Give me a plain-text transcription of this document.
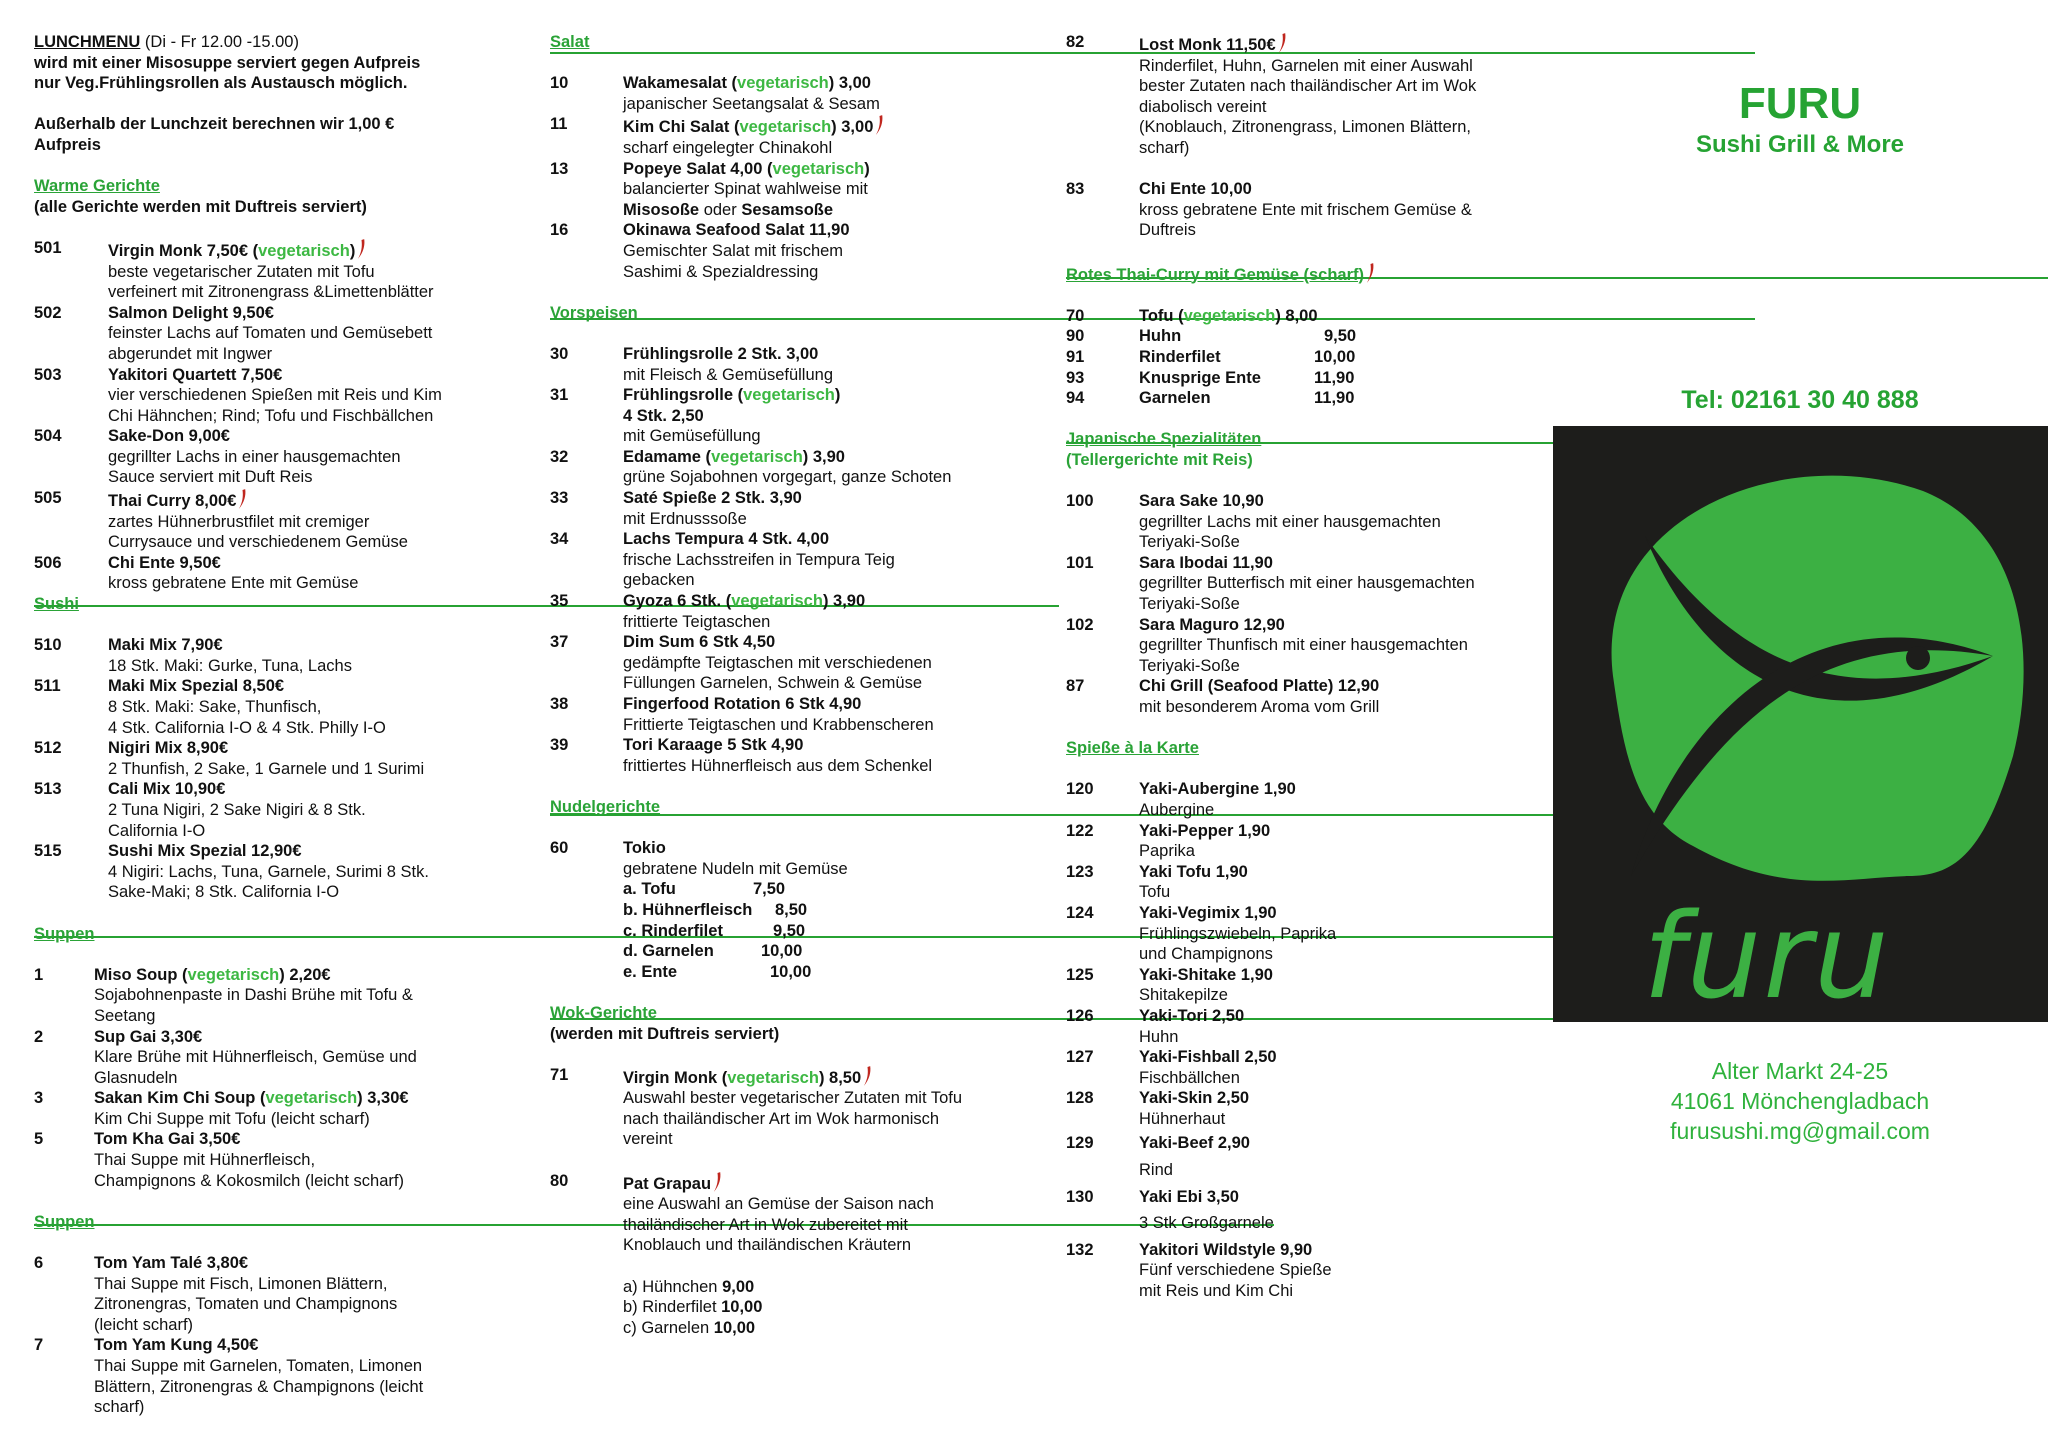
LUNCHMENU (Di - Fr 12.00 -15.00)
wird mit einer Misosuppe serviert gegen Aufpreis
nur Veg.Frühlingsrollen als Austausch möglich.
Außerhalb der Lunchzeit berechnen wir 1,00 €
Aufpreis
Warme Gerichte
(alle Gerichte werden mit Duftreis serviert)
501	Virgin Monk 7,50€ (vegetarisch)
beste vegetarischer Zutaten mit Tofu
verfeinert mit Zitronengrass &Limettenblätter
502	Salmon Delight 9,50€
feinster Lachs auf Tomaten und Gemüsebett
abgerundet mit Ingwer
503	Yakitori Quartett 7,50€
vier verschiedenen Spießen mit Reis und Kim
Chi Hähnchen; Rind; Tofu und Fischbällchen
504	Sake-Don 9,00€
gegrillter Lachs in einer hausgemachten
Sauce serviert mit Duft Reis
505	Thai Curry 8,00€
zartes Hühnerbrustfilet mit cremiger
Currysauce und verschiedenem Gemüse
506	Chi Ente 9,50€
kross gebratene Ente mit Gemüse
Sushi
510	Maki Mix 7,90€
18 Stk. Maki: Gurke, Tuna, Lachs
511	Maki Mix Spezial 8,50€
8 Stk. Maki: Sake, Thunfisch,
4 Stk. California I-O & 4 Stk. Philly I-O
512	Nigiri Mix 8,90€
2 Thunfish, 2 Sake, 1 Garnele und 1 Surimi
513	Cali Mix 10,90€
2 Tuna Nigiri, 2 Sake Nigiri & 8 Stk.
California I-O
515	Sushi Mix Spezial 12,90€
4 Nigiri: Lachs, Tuna, Garnele, Surimi 8 Stk.
Sake-Maki; 8 Stk. California I-O
Suppen
1	Miso Soup (vegetarisch) 2,20€
Sojabohnenpaste in Dashi Brühe mit Tofu &
Seetang
2	Sup Gai 3,30€
Klare Brühe mit Hühnerfleisch, Gemüse und
Glasnudeln
3	Sakan Kim Chi Soup (vegetarisch) 3,30€
Kim Chi Suppe mit Tofu (leicht scharf)
5	Tom Kha Gai 3,50€
Thai Suppe mit Hühnerfleisch,
Champignons & Kokosmilch (leicht scharf)
Suppen
6	Tom Yam Talé 3,80€
Thai Suppe mit Fisch, Limonen Blättern,
Zitronengras, Tomaten und Champignons
(leicht scharf)
7	Tom Yam Kung 4,50€
Thai Suppe mit Garnelen, Tomaten, Limonen
Blättern, Zitronengras & Champignons (leicht
scharf)
Salat
10	Wakamesalat (vegetarisch) 3,00
japanischer Seetangsalat & Sesam
11	Kim Chi Salat (vegetarisch) 3,00
scharf eingelegter Chinakohl
13	Popeye Salat 4,00 (vegetarisch)
balancierter Spinat wahlweise mit
Misosoße oder Sesamsoße
16	Okinawa Seafood Salat 11,90
Gemischter Salat mit frischem
Sashimi & Spezialdressing
Vorspeisen
30	Frühlingsrolle 2 Stk. 3,00
mit Fleisch & Gemüsefüllung
31	Frühlingsrolle (vegetarisch)
4 Stk. 2,50
mit Gemüsefüllung
32	Edamame (vegetarisch) 3,90
grüne Sojabohnen vorgegart, ganze Schoten
33	Saté Spieße 2 Stk. 3,90
mit Erdnusssoße
34	Lachs Tempura 4 Stk. 4,00
frische Lachsstreifen in Tempura Teig
gebacken
35	Gyoza 6 Stk. (vegetarisch) 3,90
frittierte Teigtaschen
37	Dim Sum 6 Stk 4,50
gedämpfte Teigtaschen mit verschiedenen
Füllungen Garnelen, Schwein & Gemüse
38	Fingerfood Rotation 6 Stk 4,90
Frittierte Teigtaschen und Krabbenscheren
39	Tori Karaage 5 Stk 4,90
frittiertes Hühnerfleisch aus dem Schenkel
Nudelgerichte
60	Tokio
gebratene Nudeln mit Gemüse
a. Tofu	7,50
b. Hühnerfleisch	8,50
c. Rinderfilet	9,50
d. Garnelen	10,00
e. Ente	10,00
Wok-Gerichte
(werden mit Duftreis serviert)
71	Virgin Monk (vegetarisch) 8,50
Auswahl bester vegetarischer Zutaten mit Tofu
nach thailändischer Art im Wok harmonisch
vereint
80	Pat Grapau
eine Auswahl an Gemüse der Saison nach
thailändischer Art in Wok zubereitet mit
Knoblauch und thailändischen Kräutern
a) Hühnchen 9,00
b) Rinderfilet 10,00
c) Garnelen 10,00
82	Lost Monk 11,50€
Rinderfilet, Huhn, Garnelen mit einer Auswahl
bester Zutaten nach thailändischer Art im Wok
diabolisch vereint
(Knoblauch, Zitronengrass, Limonen Blättern,
scharf)
83	Chi Ente 10,00
kross gebratene Ente mit frischem Gemüse &
Duftreis
Rotes Thai-Curry mit Gemüse (scharf)
70	Tofu (vegetarisch) 8,00
90	Huhn	9,50
91	Rinderfilet	10,00
93	Knusprige Ente	11,90
94	Garnelen	11,90
Japanische Spezialitäten
(Tellergerichte mit Reis)
100	Sara Sake 10,90
gegrillter Lachs mit einer hausgemachten
Teriyaki-Soße
101	Sara Ibodai 11,90
gegrillter Butterfisch mit einer hausgemachten
Teriyaki-Soße
102	Sara Maguro 12,90
gegrillter Thunfisch mit einer hausgemachten
Teriyaki-Soße
87	Chi Grill (Seafood Platte) 12,90
mit besonderem Aroma vom Grill
Spieße à la Karte
120	Yaki-Aubergine 1,90
Aubergine
122	Yaki-Pepper 1,90
Paprika
123	Yaki Tofu 1,90
Tofu
124	Yaki-Vegimix 1,90
Frühlingszwiebeln, Paprika
und Champignons
125	Yaki-Shitake 1,90
Shitakepilze
126	Yaki-Tori 2,50
Huhn
127	Yaki-Fishball 2,50
Fischbällchen
128	Yaki-Skin 2,50
Hühnerhaut
129	Yaki-Beef 2,90
Rind
130	Yaki Ebi 3,50
3 Stk Großgarnele
132	Yakitori Wildstyle 9,90
Fünf verschiedene Spieße
mit Reis und Kim Chi
FURU
Sushi Grill & More
Tel: 02161 30 40 888
furu
Alter Markt 24-25
41061 Mönchengladbach
furusushi.mg@gmail.com
